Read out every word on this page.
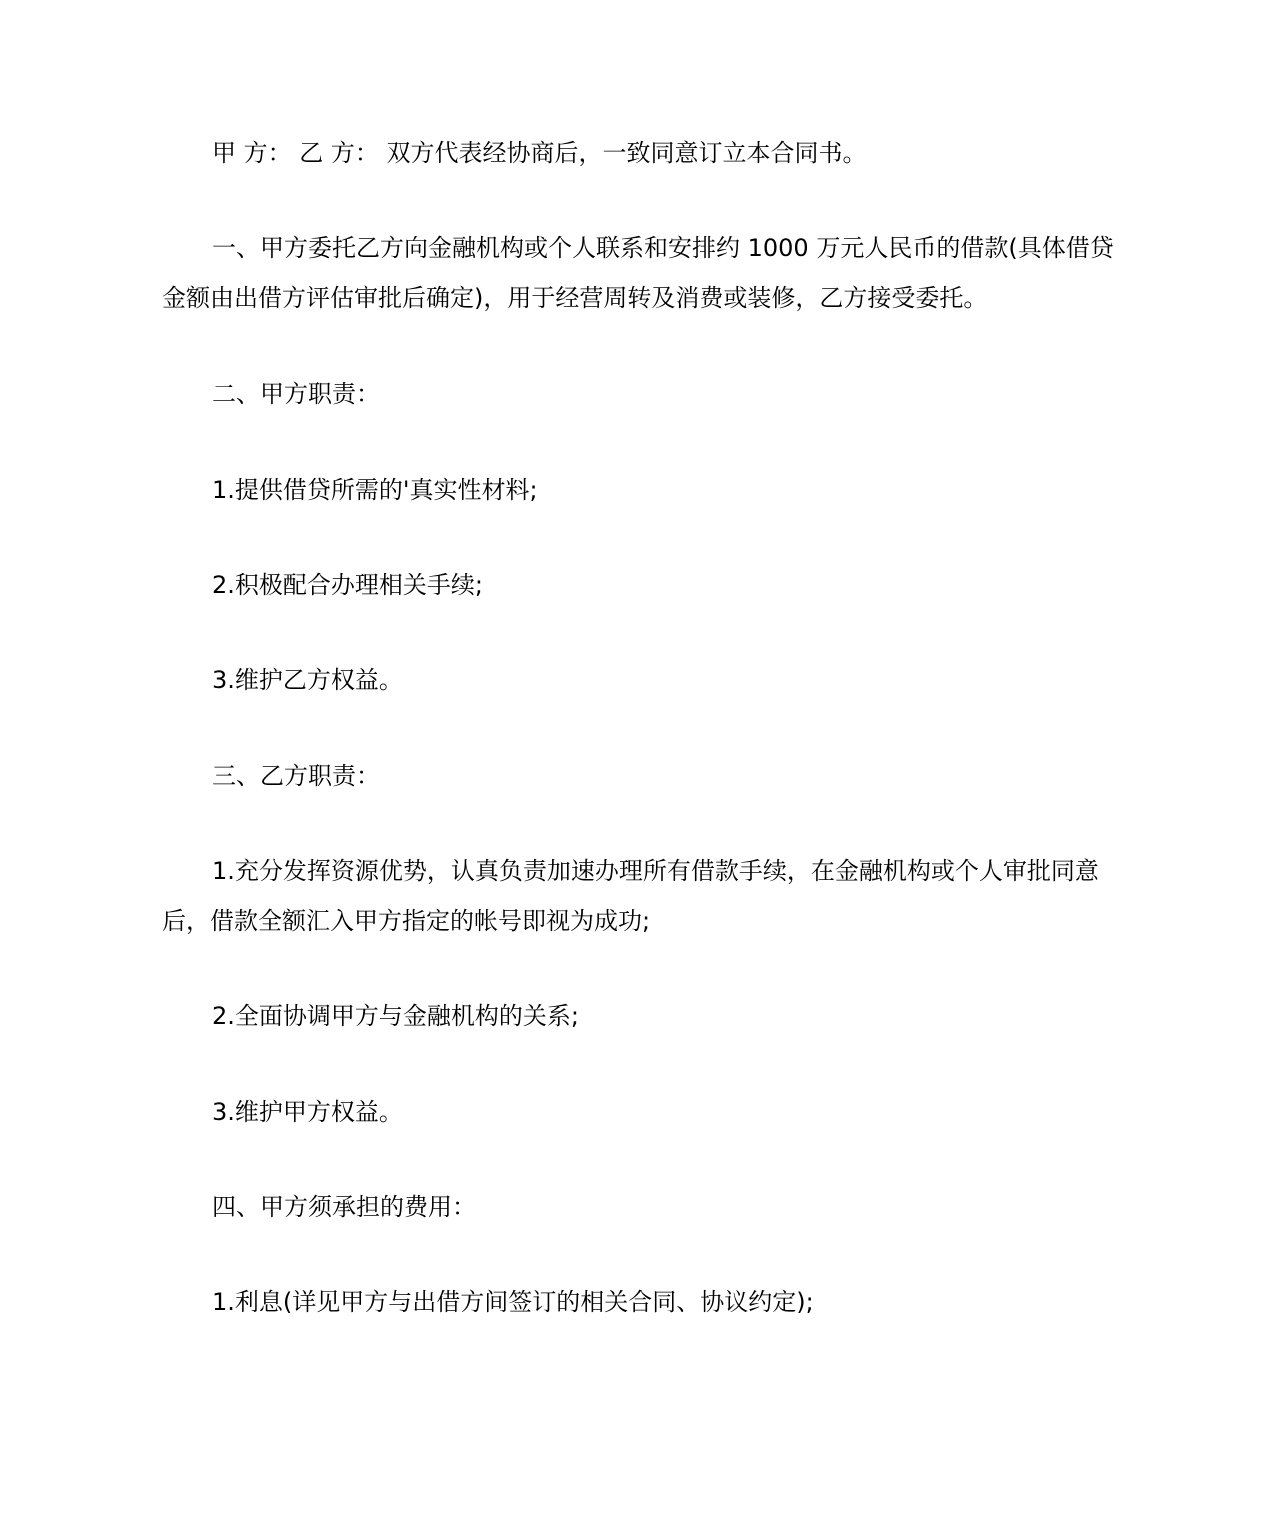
甲 方： 乙 方： 双方代表经协商后，一致同意订立本合同书。

一、甲方委托乙方向金融机构或个人联系和安排约 1000 万元人民币的借款(具体借贷
金额由出借方评估审批后确定)，用于经营周转及消费或装修，乙方接受委托。

二、甲方职责：

1.提供借贷所需的'真实性材料;

2.积极配合办理相关手续;

3.维护乙方权益。

三、乙方职责：

1.充分发挥资源优势，认真负责加速办理所有借款手续，在金融机构或个人审批同意
后，借款全额汇入甲方指定的帐号即视为成功;

2.全面协调甲方与金融机构的关系;

3.维护甲方权益。

四、甲方须承担的费用：

1.利息(详见甲方与出借方间签订的相关合同、协议约定);
